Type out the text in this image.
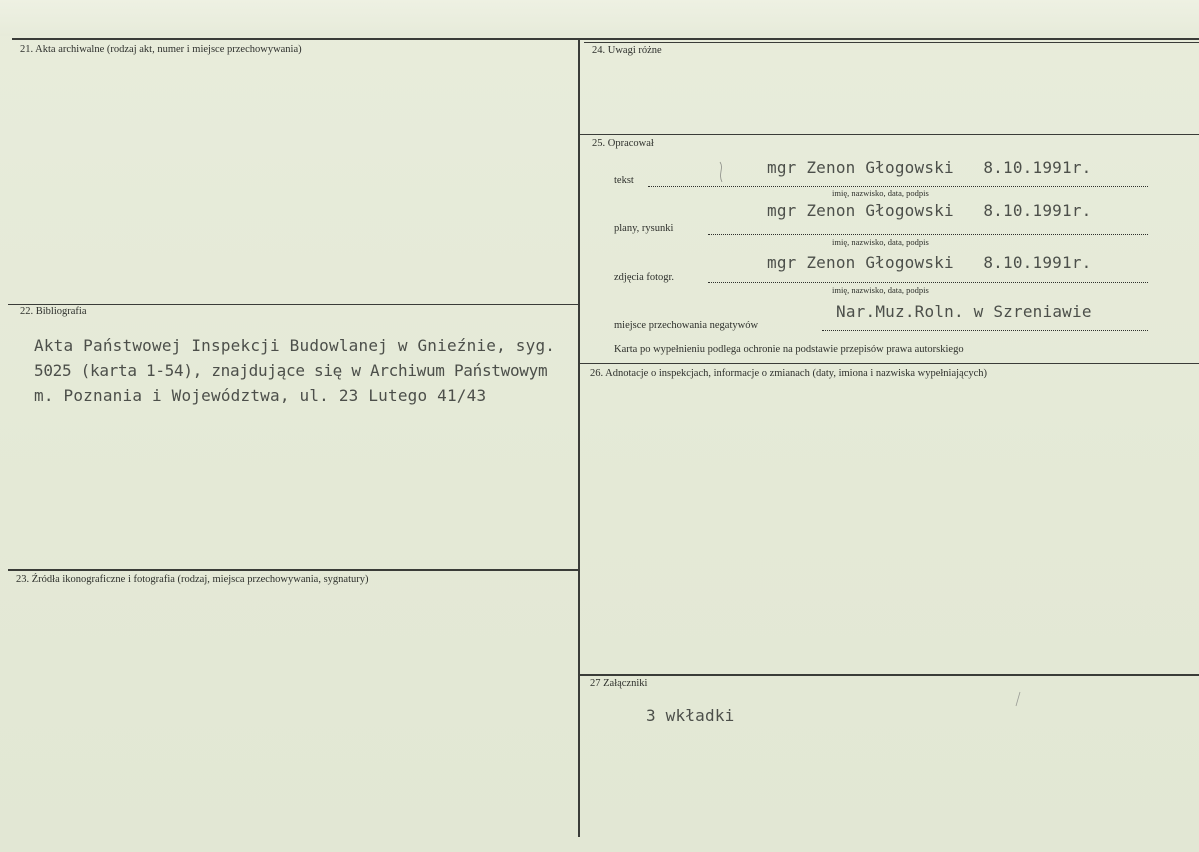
21. Akta archiwalne (rodzaj akt, numer i miejsce przechowywania)
22. Bibliografia
Akta Państwowej Inspekcji Budowlanej w Gnieźnie, syg.
5025 (karta 1-54), znajdujące się w Archiwum Państwowym
m. Poznania i Województwa, ul. 23 Lutego 41/43
23. Źródła ikonograficzne i fotografia (rodzaj, miejsca przechowywania, sygnatury)
24. Uwagi różne
25. Opracował
mgr Zenon Głogowski   8.10.1991r.
tekst
imię, nazwisko, data, podpis
mgr Zenon Głogowski   8.10.1991r.
plany, rysunki
imię, nazwisko, data, podpis
mgr Zenon Głogowski   8.10.1991r.
zdjęcia fotogr.
imię, nazwisko, data, podpis
Nar.Muz.Roln. w Szreniawie
miejsce przechowania negatywów
Karta po wypełnieniu podlega ochronie na podstawie przepisów prawa autorskiego
26. Adnotacje o inspekcjach, informacje o zmianach (daty, imiona i nazwiska wypełniających)
27 Załączniki
3 wkładki
